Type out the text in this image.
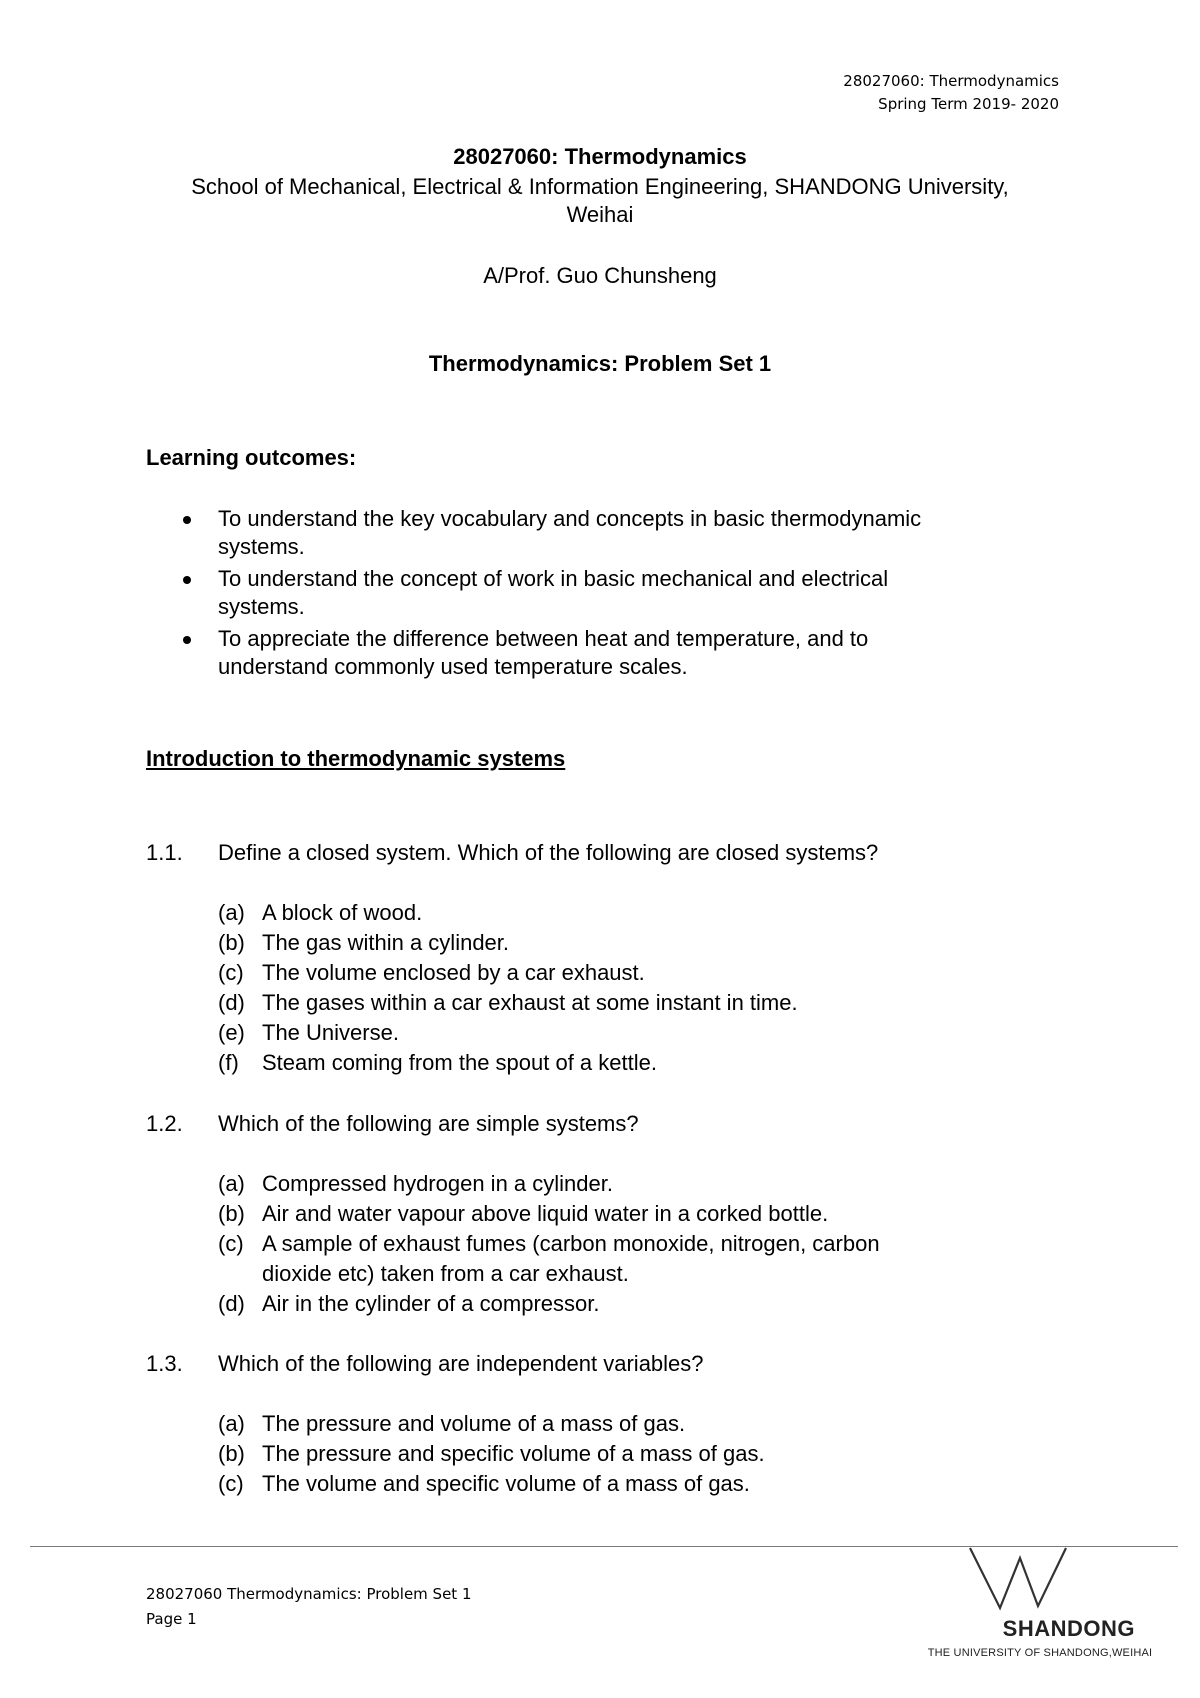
28027060: Thermodynamics
Spring Term 2019- 2020
28027060: Thermodynamics
School of Mechanical, Electrical & Information Engineering, SHANDONG University,
Weihai
A/Prof. Guo Chunsheng
Thermodynamics: Problem Set 1
Learning outcomes:
To understand the key vocabulary and concepts in basic thermodynamic
systems.
To understand the concept of work in basic mechanical and electrical
systems.
To appreciate the difference between heat and temperature, and to
understand commonly used temperature scales.
Introduction to thermodynamic systems
1.1. Define a closed system. Which of the following are closed systems?
(a) A block of wood.
(b) The gas within a cylinder.
(c) The volume enclosed by a car exhaust.
(d) The gases within a car exhaust at some instant in time.
(e) The Universe.
(f) Steam coming from the spout of a kettle.
1.2. Which of the following are simple systems?
(a) Compressed hydrogen in a cylinder.
(b) Air and water vapour above liquid water in a corked bottle.
(c) A sample of exhaust fumes (carbon monoxide, nitrogen, carbon
dioxide etc) taken from a car exhaust.
(d) Air in the cylinder of a compressor.
1.3. Which of the following are independent variables?
(a) The pressure and volume of a mass of gas.
(b) The pressure and specific volume of a mass of gas.
(c) The volume and specific volume of a mass of gas.
28027060 Thermodynamics: Problem Set 1
Page 1	SHANDONG
THE UNIVERSITY OF SHANDONG,WEIHAI
